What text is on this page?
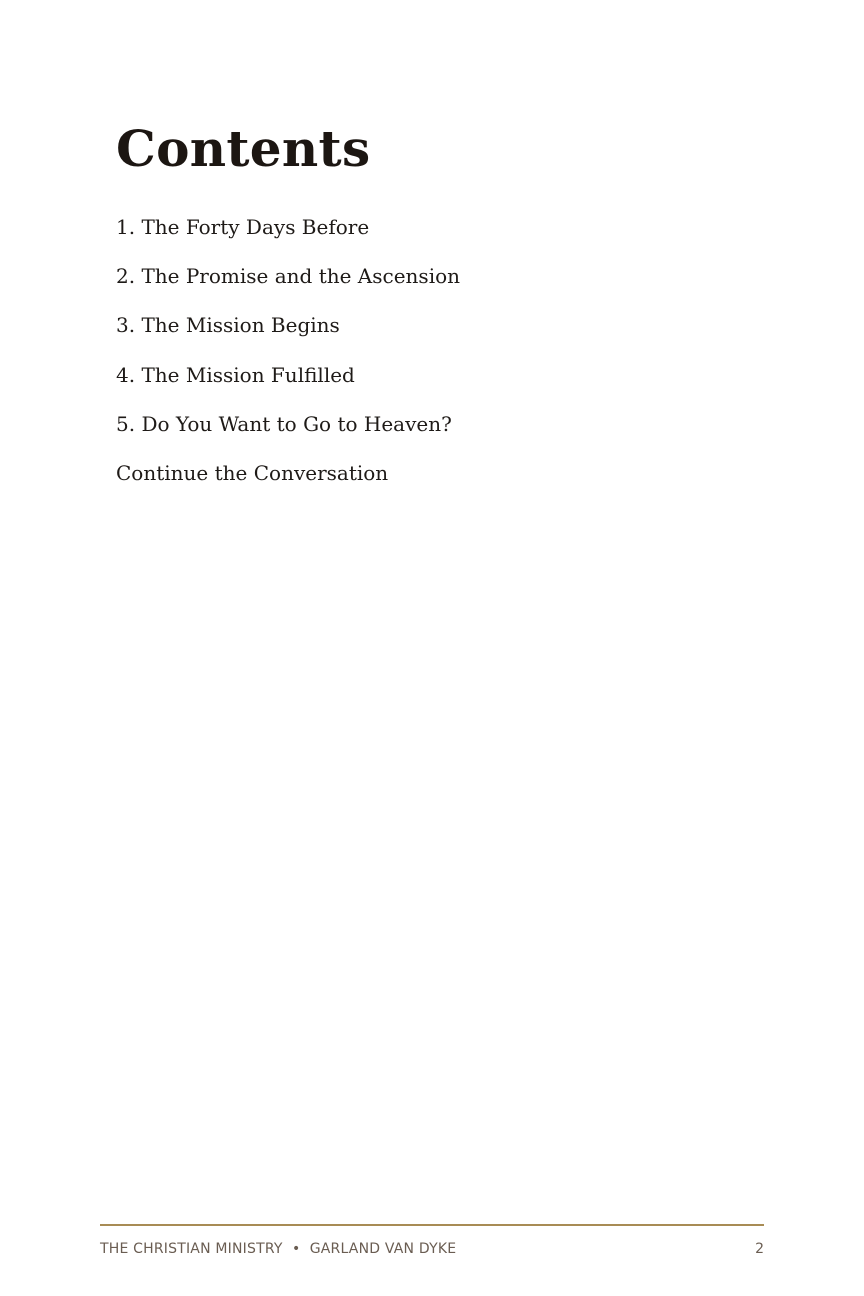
Contents
1. The Forty Days Before
2. The Promise and the Ascension
3. The Mission Begins
4. The Mission Fulfilled
5. Do You Want to Go to Heaven?
Continue the Conversation
THE CHRISTIAN MINISTRY • GARLAND VAN DYKE	2
